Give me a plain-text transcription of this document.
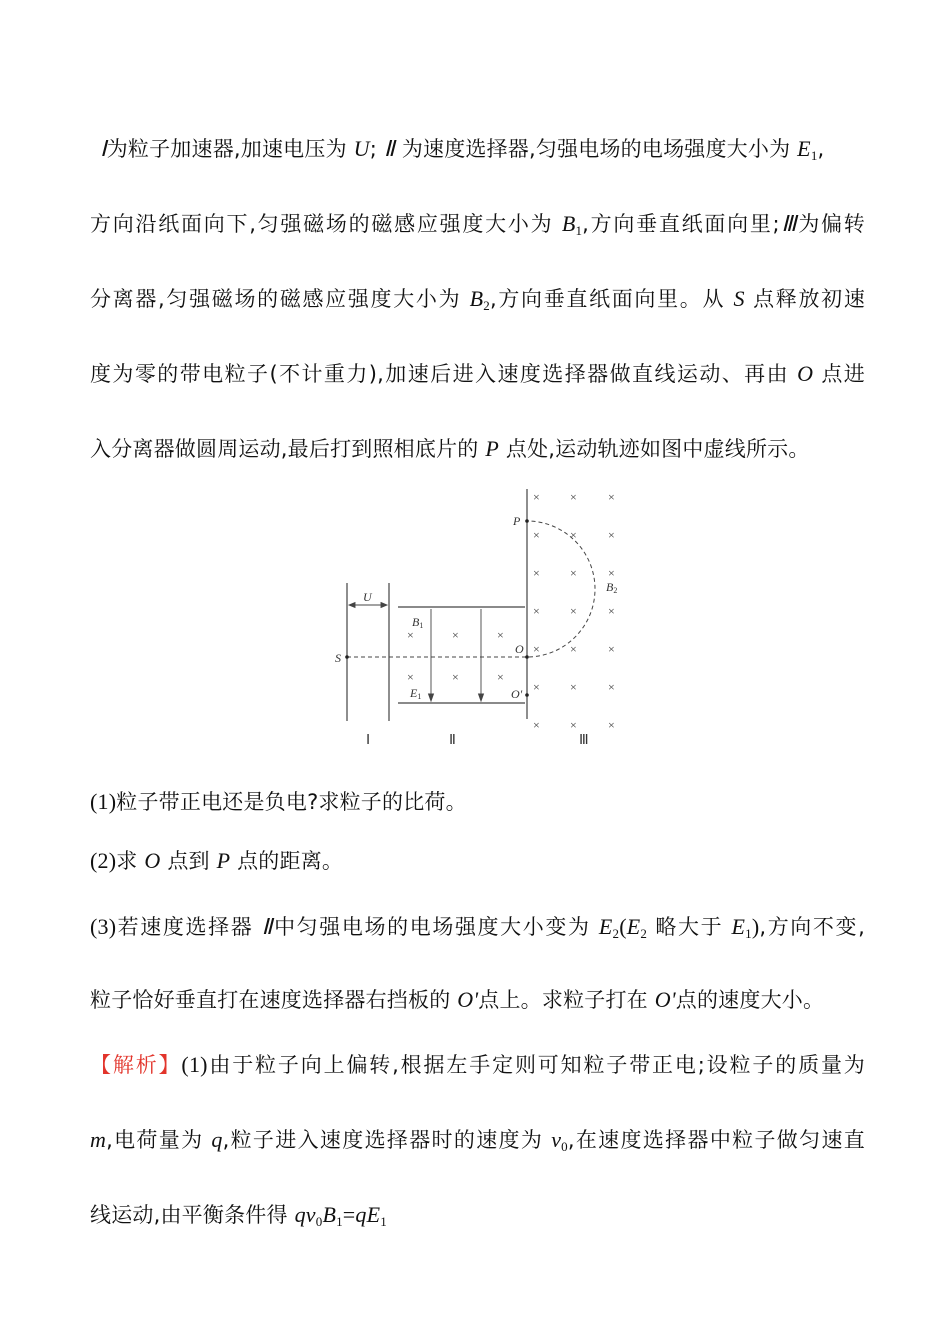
Ⅰ为粒子加速器,加速电压为 U; Ⅱ 为速度选择器,匀强电场的电场强度大小为 $E_1$,
方向沿纸面向下,匀强磁场的磁感应强度大小为 $B_1$,方向垂直纸面向里;Ⅲ为偏转
分离器,匀强磁场的磁感应强度大小为 $B_2$,方向垂直纸面向里。从 S 点释放初速
度为零的带电粒子(不计重力),加速后进入速度选择器做直线运动、再由 O 点进
入分离器做圆周运动,最后打到照相底片的 P 点处,运动轨迹如图中虚线所示。
U
S
P
O
O'
B1
E1
B2
Ⅰ	Ⅱ	Ⅲ
×
×
×
×
×
×
×
×
×
×
×
×
×
×
×
×
×
×
×
×
×
×
×
×
×
×
×
(1)粒子带正电还是负电?求粒子的比荷。
(2)求 O 点到 P 点的距离。
(3)若速度选择器 Ⅱ中匀强电场的电场强度大小变为 $E_2(E_2$ 略大于 $E_1$),方向不变,
粒子恰好垂直打在速度选择器右挡板的 O'点上。求粒子打在 O'点的速度大小。
【解析】(1)由于粒子向上偏转,根据左手定则可知粒子带正电;设粒子的质量为
m,电荷量为 q,粒子进入速度选择器时的速度为 $v_0$,在速度选择器中粒子做匀速直
线运动,由平衡条件得 $qv_0B_1=qE_1$
